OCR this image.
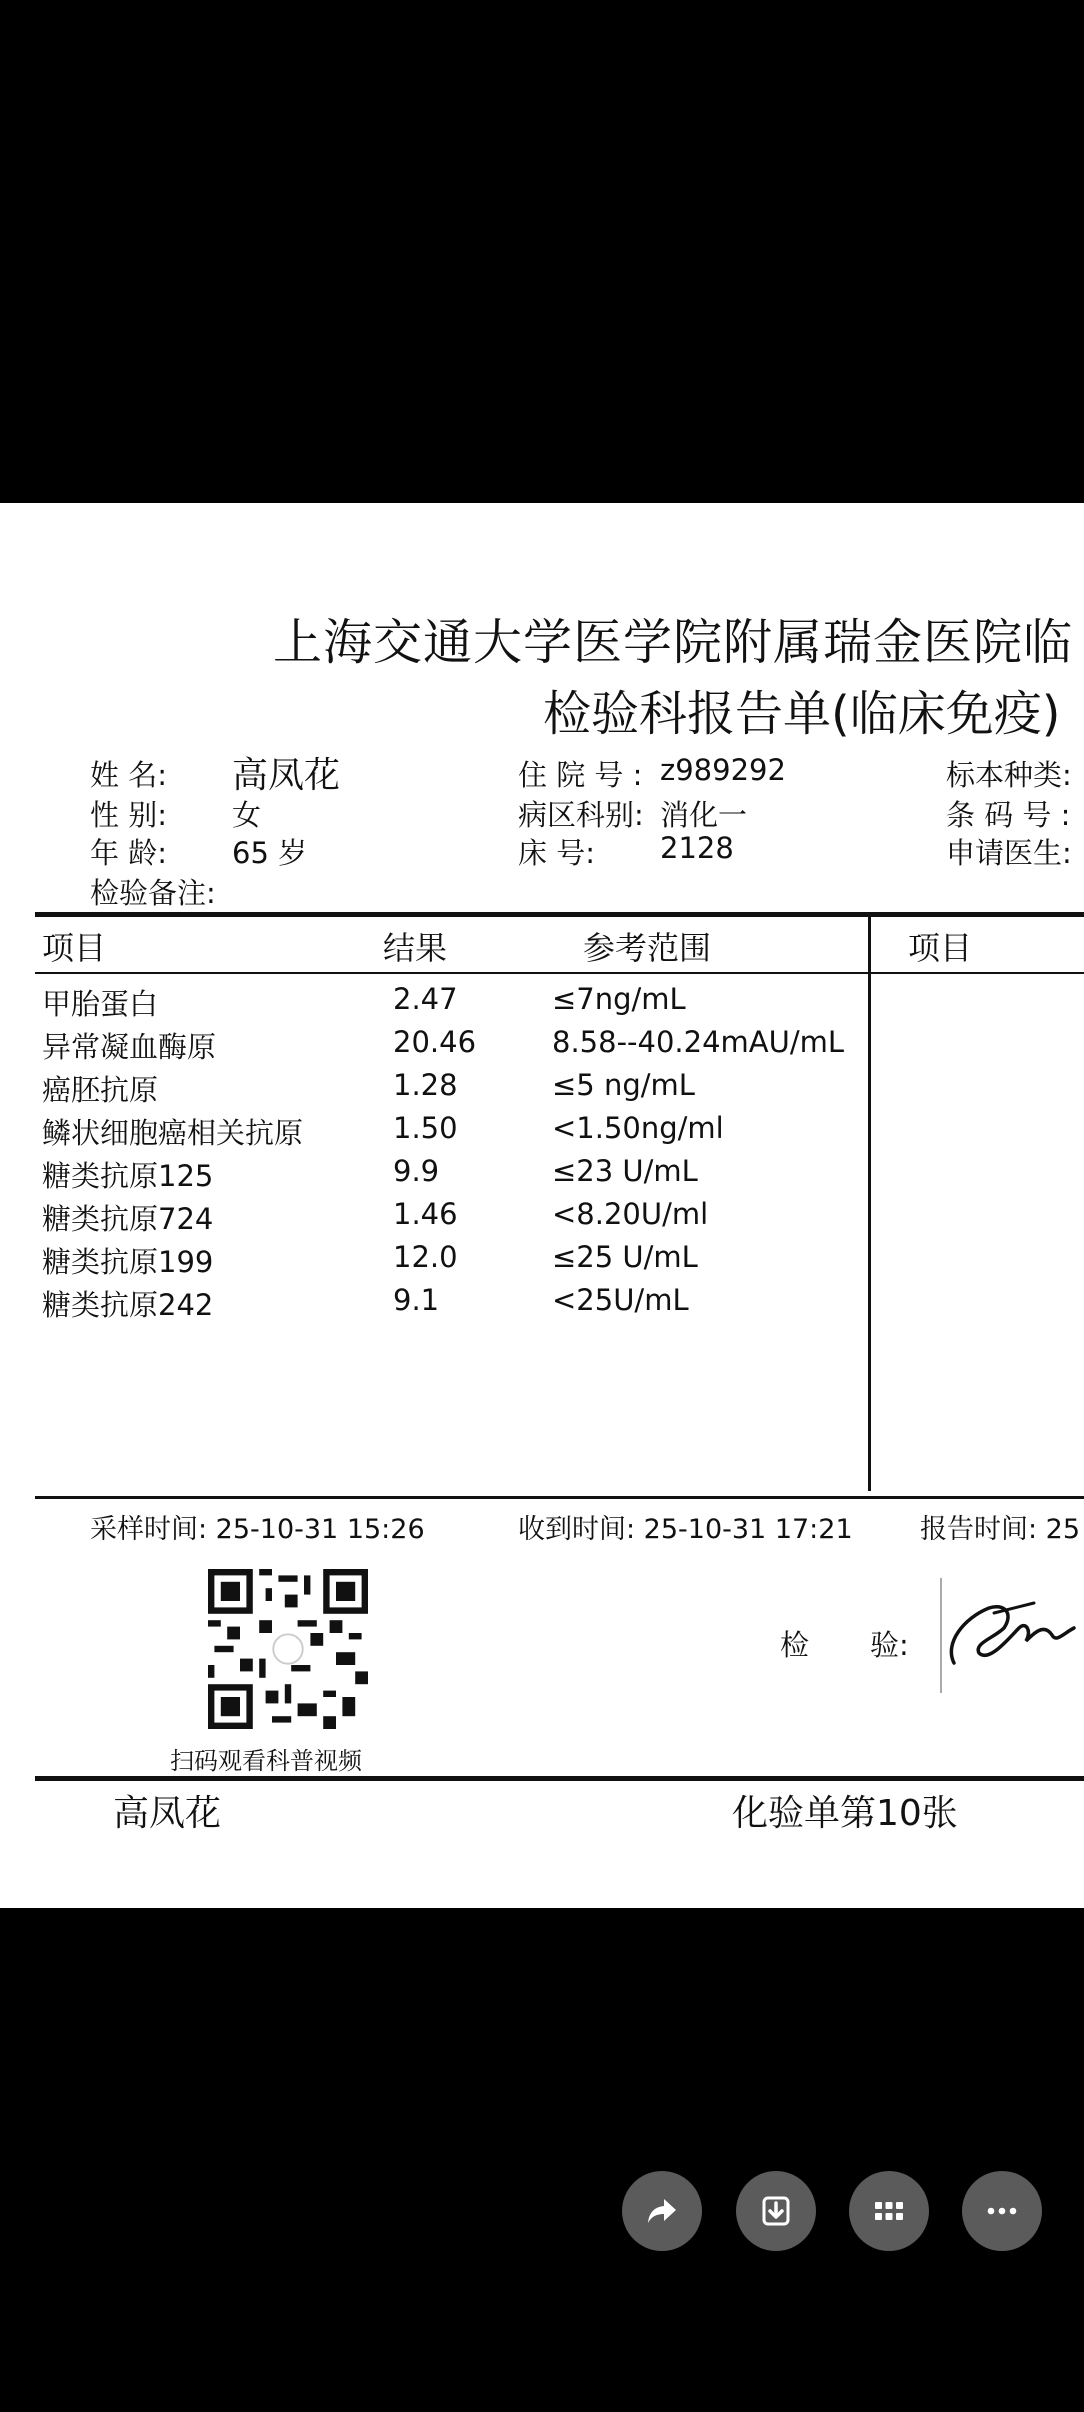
上海交通大学医学院附属瑞金医院临
检验科报告单(临床免疫)
姓 名: 高凤花
性 别: 女
年 龄: 65 岁
检验备注:
住 院 号 : z989292
病区科别: 消化一
床 号: 2128
标本种类:
条 码 号 :
申请医生:
项目	结果	参考范围	项目
甲胎蛋白	2.47	≤7ng/mL
异常凝血酶原	20.46	8.58--40.24mAU/mL
癌胚抗原	1.28	≤5 ng/mL
鳞状细胞癌相关抗原	1.50	<1.50ng/ml
糖类抗原125	9.9	≤23 U/mL
糖类抗原724	1.46	<8.20U/ml
糖类抗原199	12.0	≤25 U/mL
糖类抗原242	9.1	<25U/mL
采样时间: 25-10-31 15:26	收到时间: 25-10-31 17:21 报告时间: 25
扫码观看科普视频
检 验:
高凤花	化验单第10张
